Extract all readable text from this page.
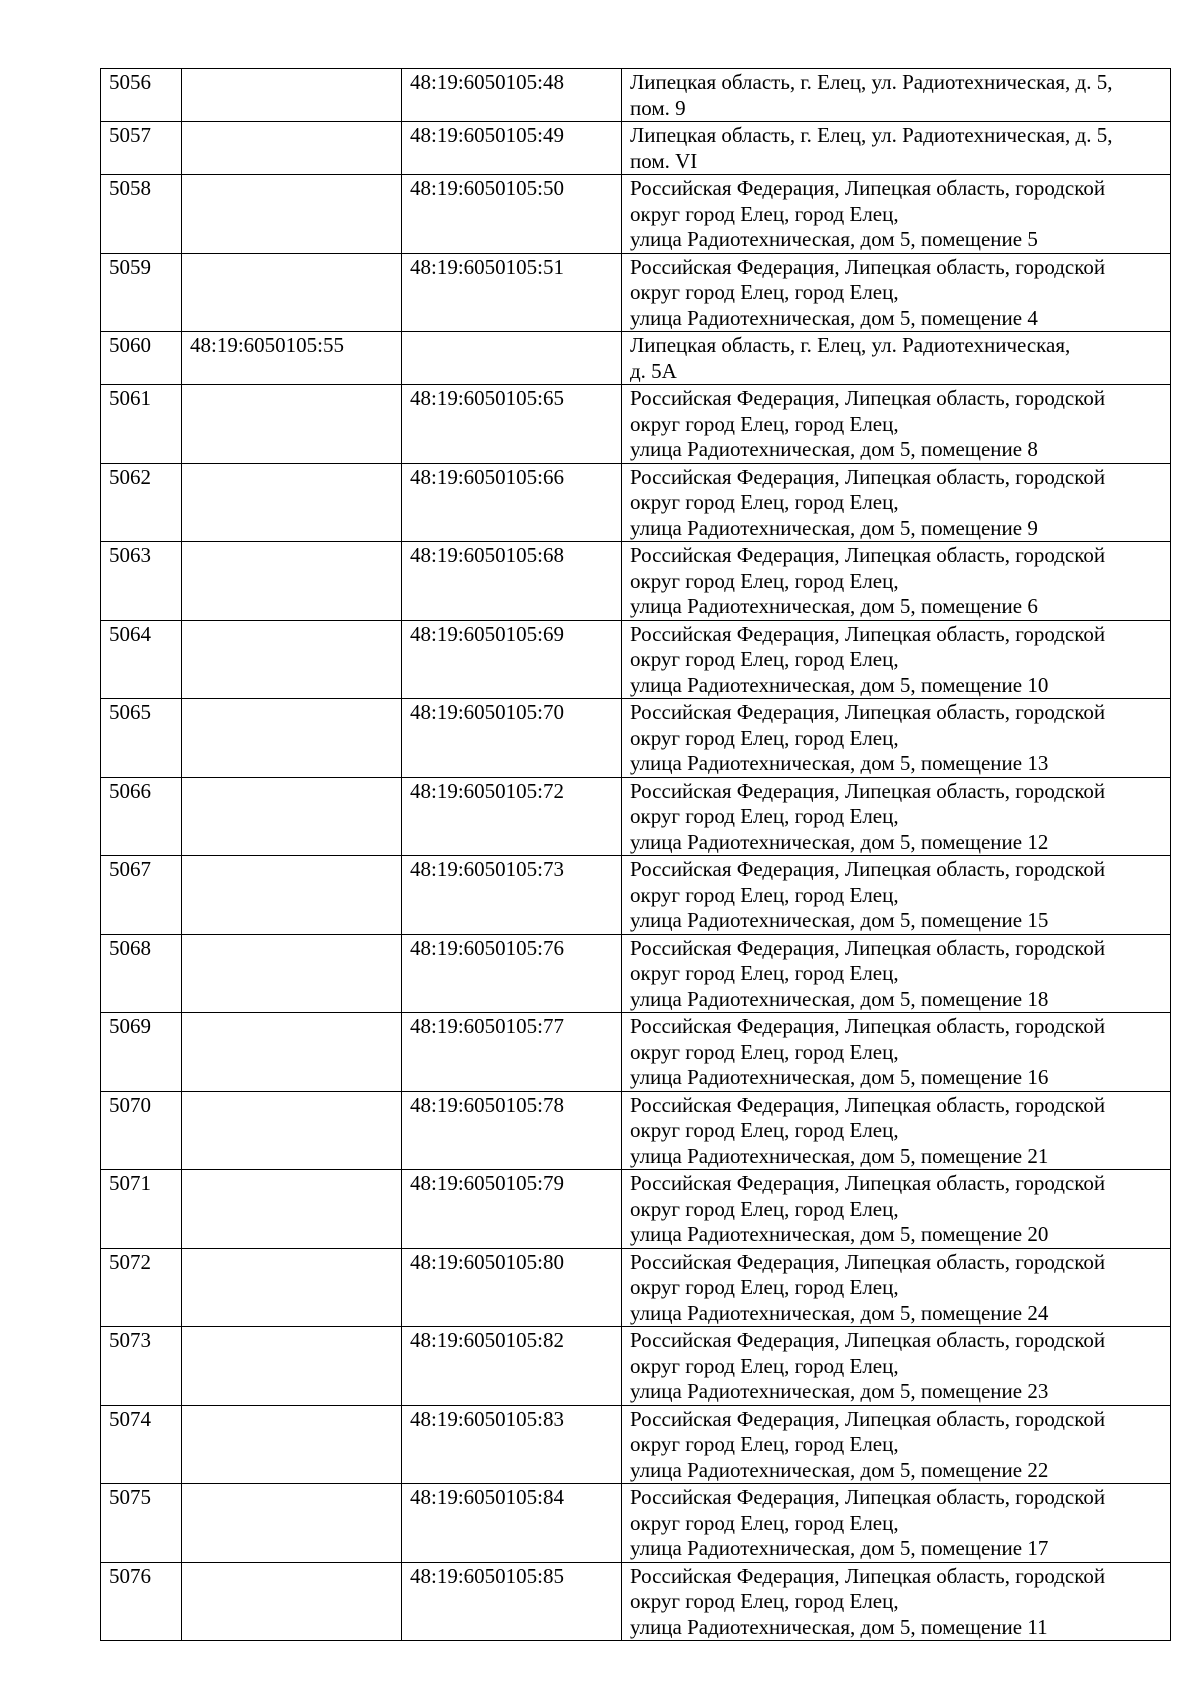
5056		48:19:6050105:48	Липецкая область, г. Елец, ул. Радиотехническая, д. 5,
пом. 9

5057		48:19:6050105:49	Липецкая область, г. Елец, ул. Радиотехническая, д. 5,
пом. VI

5058		48:19:6050105:50	Российская Федерация, Липецкая область, городской
округ город Елец, город Елец,
улица Радиотехническая, дом 5, помещение 5

5059		48:19:6050105:51	Российская Федерация, Липецкая область, городской
округ город Елец, город Елец,
улица Радиотехническая, дом 5, помещение 4

5060	48:19:6050105:55		Липецкая область, г. Елец, ул. Радиотехническая,
д. 5А

5061		48:19:6050105:65	Российская Федерация, Липецкая область, городской
округ город Елец, город Елец,
улица Радиотехническая, дом 5, помещение 8

5062		48:19:6050105:66	Российская Федерация, Липецкая область, городской
округ город Елец, город Елец,
улица Радиотехническая, дом 5, помещение 9

5063		48:19:6050105:68	Российская Федерация, Липецкая область, городской
округ город Елец, город Елец,
улица Радиотехническая, дом 5, помещение 6

5064		48:19:6050105:69	Российская Федерация, Липецкая область, городской
округ город Елец, город Елец,
улица Радиотехническая, дом 5, помещение 10

5065		48:19:6050105:70	Российская Федерация, Липецкая область, городской
округ город Елец, город Елец,
улица Радиотехническая, дом 5, помещение 13

5066		48:19:6050105:72	Российская Федерация, Липецкая область, городской
округ город Елец, город Елец,
улица Радиотехническая, дом 5, помещение 12

5067		48:19:6050105:73	Российская Федерация, Липецкая область, городской
округ город Елец, город Елец,
улица Радиотехническая, дом 5, помещение 15

5068		48:19:6050105:76	Российская Федерация, Липецкая область, городской
округ город Елец, город Елец,
улица Радиотехническая, дом 5, помещение 18

5069		48:19:6050105:77	Российская Федерация, Липецкая область, городской
округ город Елец, город Елец,
улица Радиотехническая, дом 5, помещение 16

5070		48:19:6050105:78	Российская Федерация, Липецкая область, городской
округ город Елец, город Елец,
улица Радиотехническая, дом 5, помещение 21

5071		48:19:6050105:79	Российская Федерация, Липецкая область, городской
округ город Елец, город Елец,
улица Радиотехническая, дом 5, помещение 20

5072		48:19:6050105:80	Российская Федерация, Липецкая область, городской
округ город Елец, город Елец,
улица Радиотехническая, дом 5, помещение 24

5073		48:19:6050105:82	Российская Федерация, Липецкая область, городской
округ город Елец, город Елец,
улица Радиотехническая, дом 5, помещение 23

5074		48:19:6050105:83	Российская Федерация, Липецкая область, городской
округ город Елец, город Елец,
улица Радиотехническая, дом 5, помещение 22

5075		48:19:6050105:84	Российская Федерация, Липецкая область, городской
округ город Елец, город Елец,
улица Радиотехническая, дом 5, помещение 17

5076		48:19:6050105:85	Российская Федерация, Липецкая область, городской
округ город Елец, город Елец,
улица Радиотехническая, дом 5, помещение 11
